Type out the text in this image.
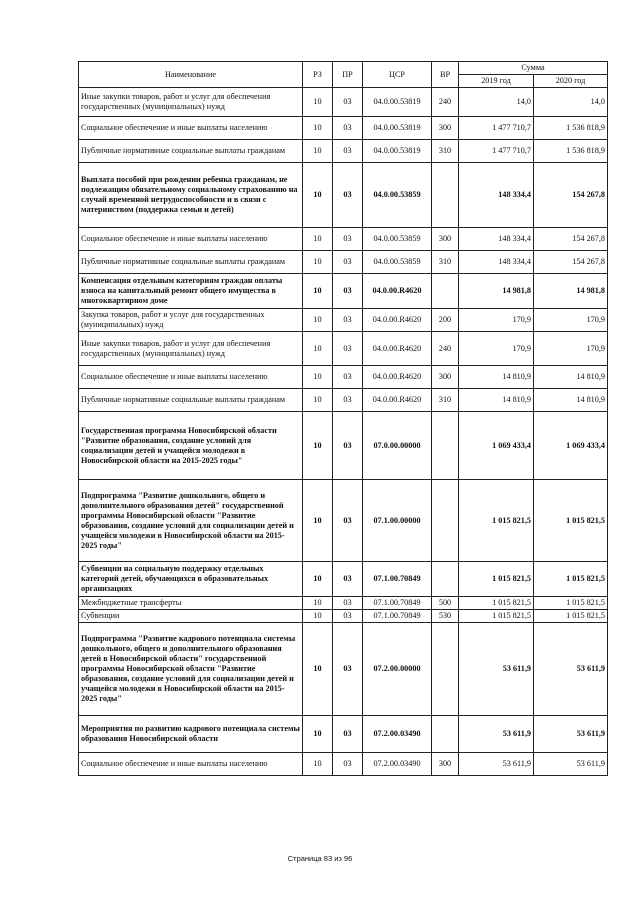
Наименование	РЗ	ПР	ЦСР	ВР	Сумма	
					2019 год	2020 год
Иные закупки товаров, работ и услуг для обеспечения государственных (муниципальных) нужд	10	03	04.0.00.53819	240	14,0	14,0
Социальное обеспечение и иные выплаты населению	10	03	04.0.00.53819	300	1 477 710,7	1 536 818,9
Публичные нормативные социальные выплаты гражданам	10	03	04.0.00.53819	310	1 477 710,7	1 536 818,9
Выплата пособий при рождении ребенка гражданам, не подлежащим обязательному социальному страхованию на случай временной нетрудоспособности и в связи с материнством (поддержка семьи и детей)	10	03	04.0.00.53859		148 334,4	154 267,8
Социальное обеспечение и иные выплаты населению	10	03	04.0.00.53859	300	148 334,4	154 267,8
Публичные нормативные социальные выплаты гражданам	10	03	04.0.00.53859	310	148 334,4	154 267,8
Компенсация отдельным категориям граждан оплаты взноса на капитальный ремонт общего имущества в многоквартирном доме	10	03	04.0.00.R4620		14 981,8	14 981,8
Закупка товаров, работ и услуг для государственных (муниципальных) нужд	10	03	04.0.00.R4620	200	170,9	170,9
Иные закупки товаров, работ и услуг для обеспечения государственных (муниципальных) нужд	10	03	04.0.00.R4620	240	170,9	170,9
Социальное обеспечение и иные выплаты населению	10	03	04.0.00.R4620	300	14 810,9	14 810,9
Публичные нормативные социальные выплаты гражданам	10	03	04.0.00.R4620	310	14 810,9	14 810,9
Государственная программа Новосибирской области "Развитие образования, создание условий для социализации детей и учащейся молодежи в Новосибирской области на 2015-2025 годы"	10	03	07.0.00.00000		1 069 433,4	1 069 433,4
Подпрограмма "Развитие дошкольного, общего и дополнительного образования детей" государственной программы Новосибирской области "Развитие образования, создание условий для социализации детей и учащейся молодежи в Новосибирской области на 2015-2025 годы"	10	03	07.1.00.00000		1 015 821,5	1 015 821,5
Субвенции на социальную поддержку отдельных категорий детей, обучающихся в образовательных организациях	10	03	07.1.00.70849		1 015 821,5	1 015 821,5
Межбюджетные трансферты	10	03	07.1.00.70849	500	1 015 821,5	1 015 821,5
Субвенции	10	03	07.1.00.70849	530	1 015 821,5	1 015 821,5
Подпрограмма "Развитие кадрового потенциала системы дошкольного, общего и дополнительного образования детей в Новосибирской области" государственной программы Новосибирской области "Развитие образования, создание условий для социализации детей и учащейся молодежи в Новосибирской области на 2015-2025 годы"	10	03	07.2.00.00000		53 611,9	53 611,9
Мероприятия по развитию кадрового потенциала системы образования Новосибирской области	10	03	07.2.00.03490		53 611,9	53 611,9
Социальное обеспечение и иные выплаты населению	10	03	07.2.00.03490	300	53 611,9	53 611,9
Страница 83 из 96
